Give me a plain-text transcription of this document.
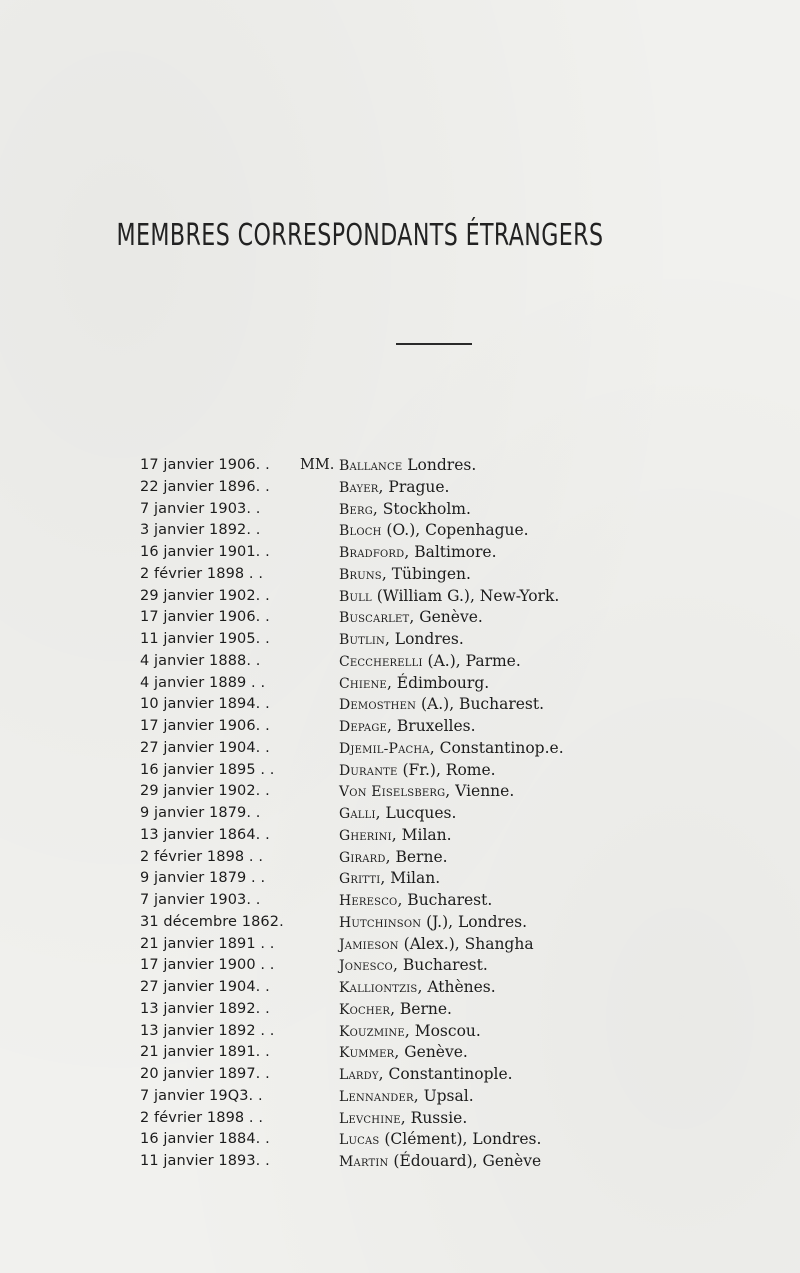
MEMBRES CORRESPONDANTS ÉTRANGERS
17 janvier 1906. .	MM. Ballance Londres.
22 janvier 1896. .	Bayer, Prague.
7 janvier 1903. .	Berg, Stockholm.
3 janvier 1892. .	Bloch (O.), Copenhague.
16 janvier 1901. .	Bradford, Baltimore.
2 février 1898 . .	Bruns, Tübingen.
29 janvier 1902. .	Bull (William G.), New-York.
17 janvier 1906. .	Buscarlet, Genève.
11 janvier 1905. .	Butlin, Londres.
4 janvier 1888. .	Ceccherelli (A.), Parme.
4 janvier 1889 . .	Chiene, Édimbourg.
10 janvier 1894. .	Demosthen (A.), Bucharest.
17 janvier 1906. .	Depage, Bruxelles.
27 janvier 1904. .	Djemil-Pacha, Constantinop.e.
16 janvier 1895 . .	Durante (Fr.), Rome.
29 janvier 1902. .	Von Eiselsberg, Vienne.
9 janvier 1879. .	Galli, Lucques.
13 janvier 1864. .	Gherini, Milan.
2 février 1898 . .	Girard, Berne.
9 janvier 1879 . .	Gritti, Milan.
7 janvier 1903. .	Heresco, Bucharest.
31 décembre 1862.	Hutchinson (J.), Londres.
21 janvier 1891 . .	Jamieson (Alex.), Shangha
17 janvier 1900 . .	Jonesco, Bucharest.
27 janvier 1904. .	Kalliontzis, Athènes.
13 janvier 1892. .	Kocher, Berne.
13 janvier 1892 . .	Kouzmine, Moscou.
21 janvier 1891. .	Kummer, Genève.
20 janvier 1897. .	Lardy, Constantinople.
7 janvier 19Q3. .	Lennander, Upsal.
2 février 1898 . .	Levchine, Russie.
16 janvier 1884. .	Lucas (Clément), Londres.
11 janvier 1893. .	Martin (Édouard), Genève
